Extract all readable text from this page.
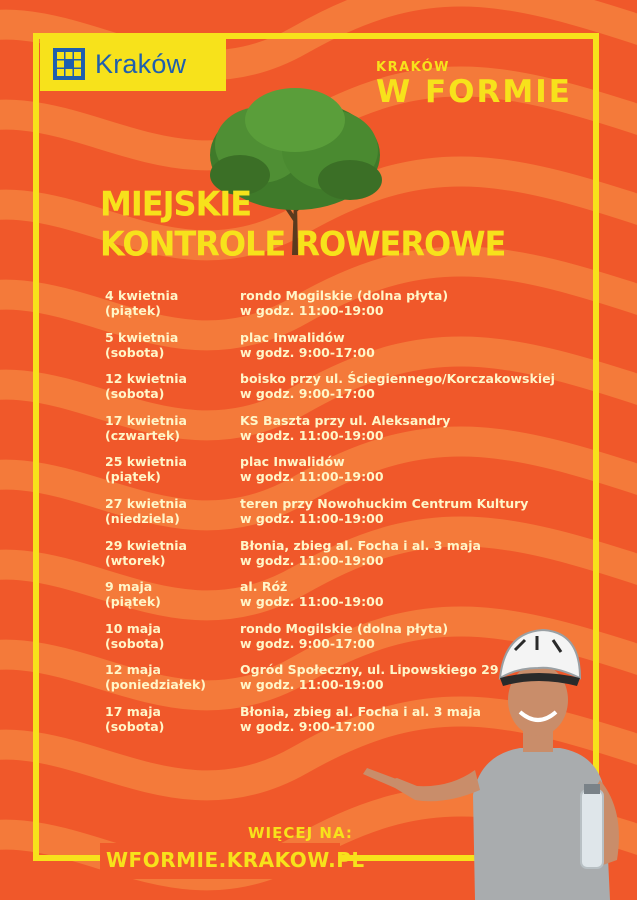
Kraków	KRAKÓW
W FORMIE
MIEJSKIE
KONTROLE ROWEROWE
4 kwietnia
(piątek)
rondo Mogilskie (dolna płyta)
w godz. 11:00-19:00
5 kwietnia
(sobota)
plac Inwalidów
w godz. 9:00-17:00
12 kwietnia
(sobota)
boisko przy ul. Ściegiennego/Korczakowskiej
w godz. 9:00-17:00
17 kwietnia
(czwartek)
KS Baszta przy ul. Aleksandry
w godz. 11:00-19:00
25 kwietnia
(piątek)
plac Inwalidów
w godz. 11:00-19:00
27 kwietnia
(niedziela)
teren przy Nowohuckim Centrum Kultury
w godz. 11:00-19:00
29 kwietnia
(wtorek)
Błonia, zbieg al. Focha i al. 3 maja
w godz. 11:00-19:00
9 maja
(piątek)
al. Róż
w godz. 11:00-19:00
10 maja
(sobota)
rondo Mogilskie (dolna płyta)
w godz. 9:00-17:00
12 maja
(poniedziałek)
Ogród Społeczny, ul. Lipowskiego 29
w godz. 11:00-19:00
17 maja
(sobota)
Błonia, zbieg al. Focha i al. 3 maja
w godz. 9:00-17:00
WIĘCEJ NA:
WFORMIE.KRAKOW.PL
